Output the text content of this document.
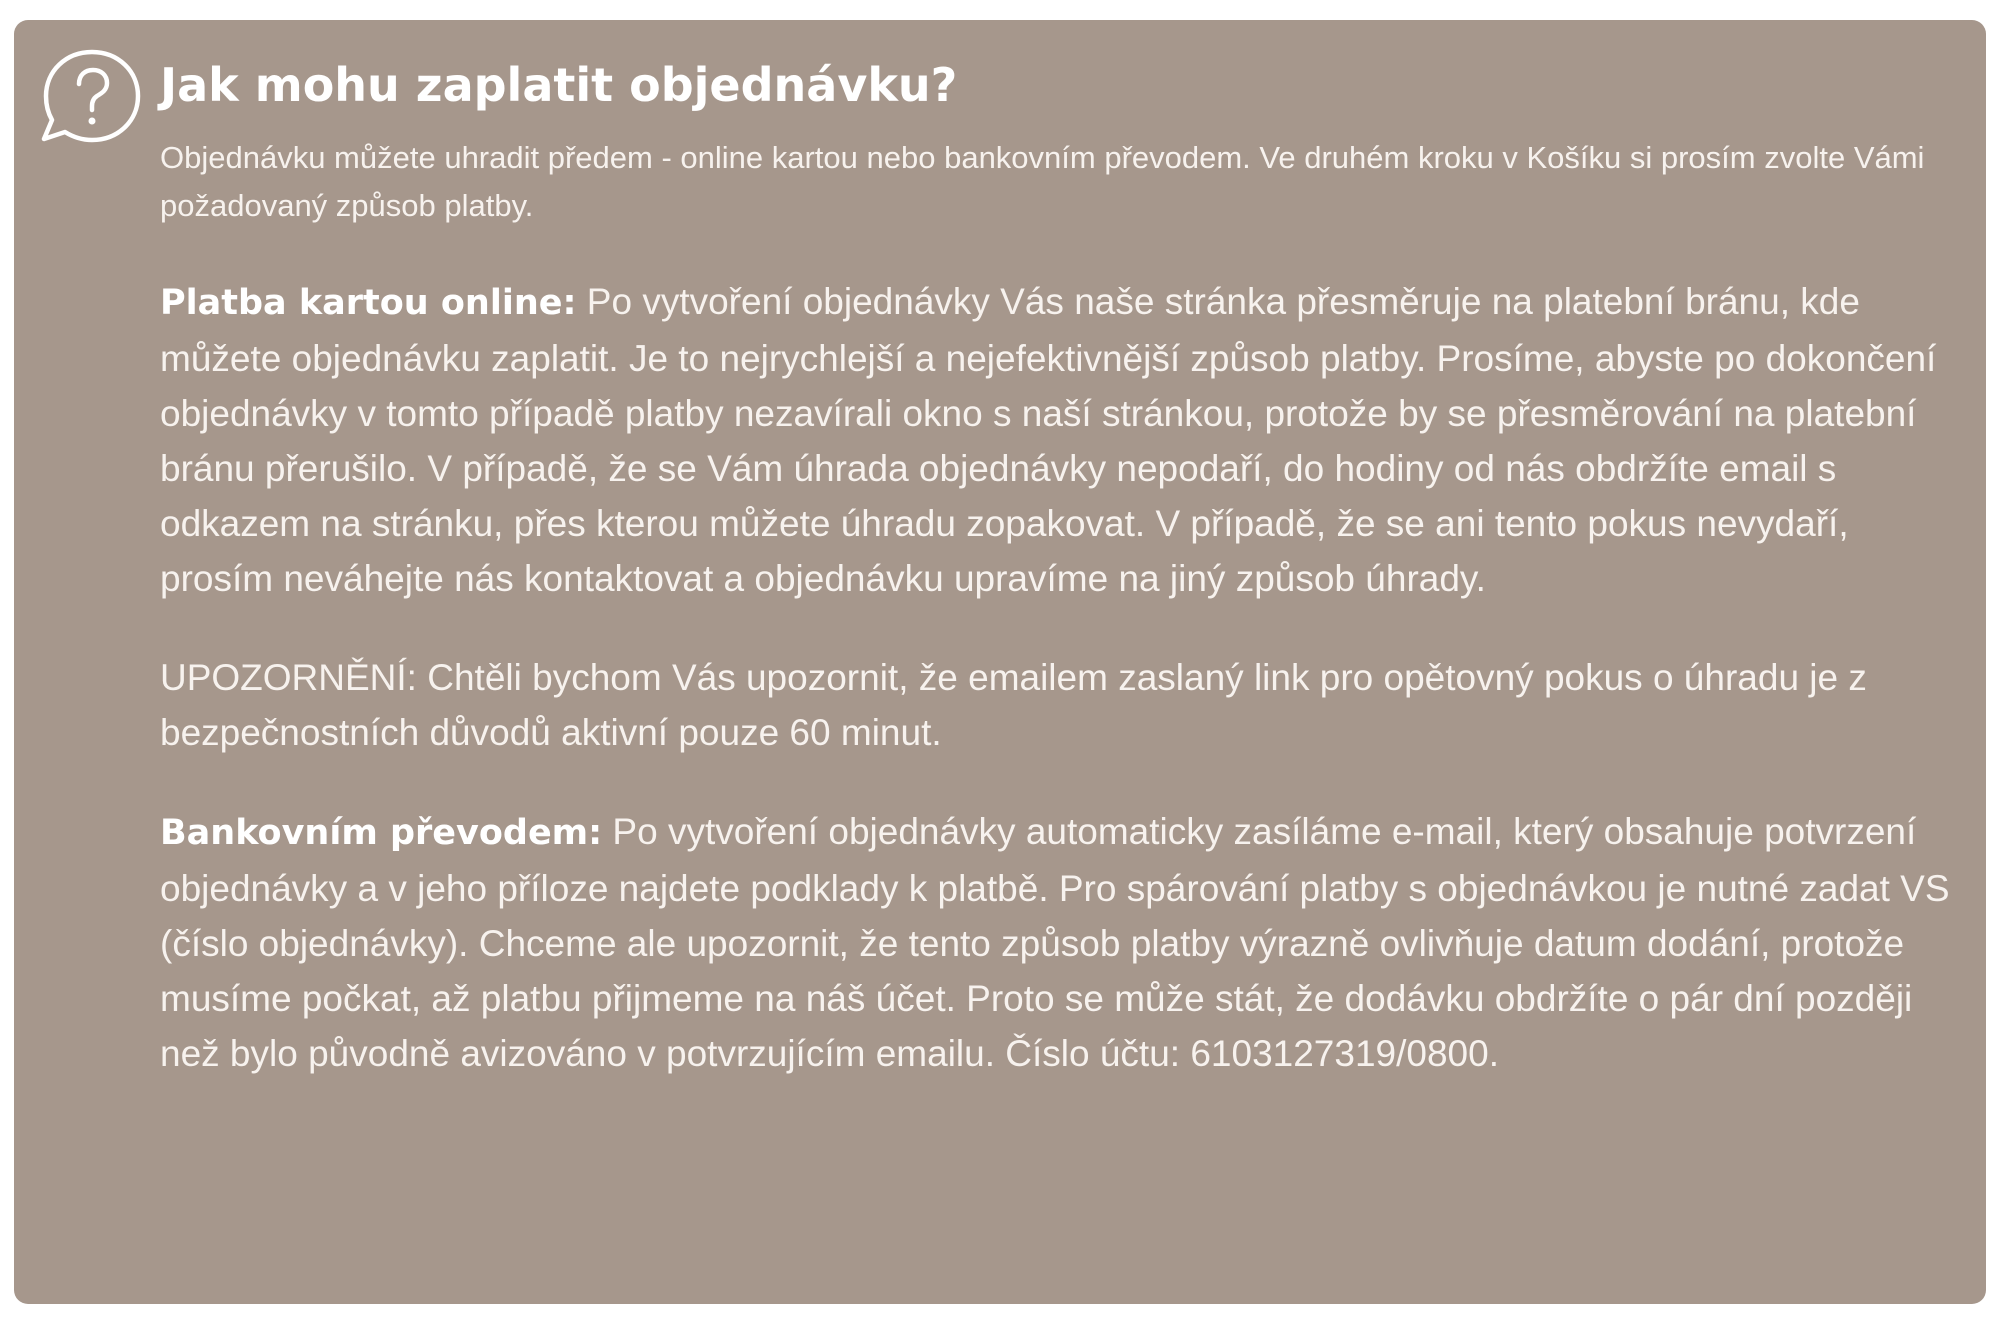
Jak mohu zaplatit objednávku?

Objednávku můžete uhradit předem - online kartou nebo bankovním převodem. Ve druhém kroku v Košíku si prosím zvolte Vámi požadovaný způsob platby.

Platba kartou online: Po vytvoření objednávky Vás naše stránka přesměruje na platební bránu, kde můžete objednávku zaplatit. Je to nejrychlejší a nejefektivnější způsob platby. Prosíme, abyste po dokončení objednávky v tomto případě platby nezavírali okno s naší stránkou, protože by se přesměrování na platební bránu přerušilo. V případě, že se Vám úhrada objednávky nepodaří, do hodiny od nás obdržíte email s odkazem na stránku, přes kterou můžete úhradu zopakovat. V případě, že se ani tento pokus nevydaří, prosím neváhejte nás kontaktovat a objednávku upravíme na jiný způsob úhrady.

UPOZORNĚNÍ: Chtěli bychom Vás upozornit, že emailem zaslaný link pro opětovný pokus o úhradu je z bezpečnostních důvodů aktivní pouze 60 minut.

Bankovním převodem: Po vytvoření objednávky automaticky zasíláme e-mail, který obsahuje potvrzení objednávky a v jeho příloze najdete podklady k platbě. Pro spárování platby s objednávkou je nutné zadat VS (číslo objednávky). Chceme ale upozornit, že tento způsob platby výrazně ovlivňuje datum dodání, protože musíme počkat, až platbu přijmeme na náš účet. Proto se může stát, že dodávku obdržíte o pár dní později než bylo původně avizováno v potvrzujícím emailu. Číslo účtu: 6103127319/0800.
